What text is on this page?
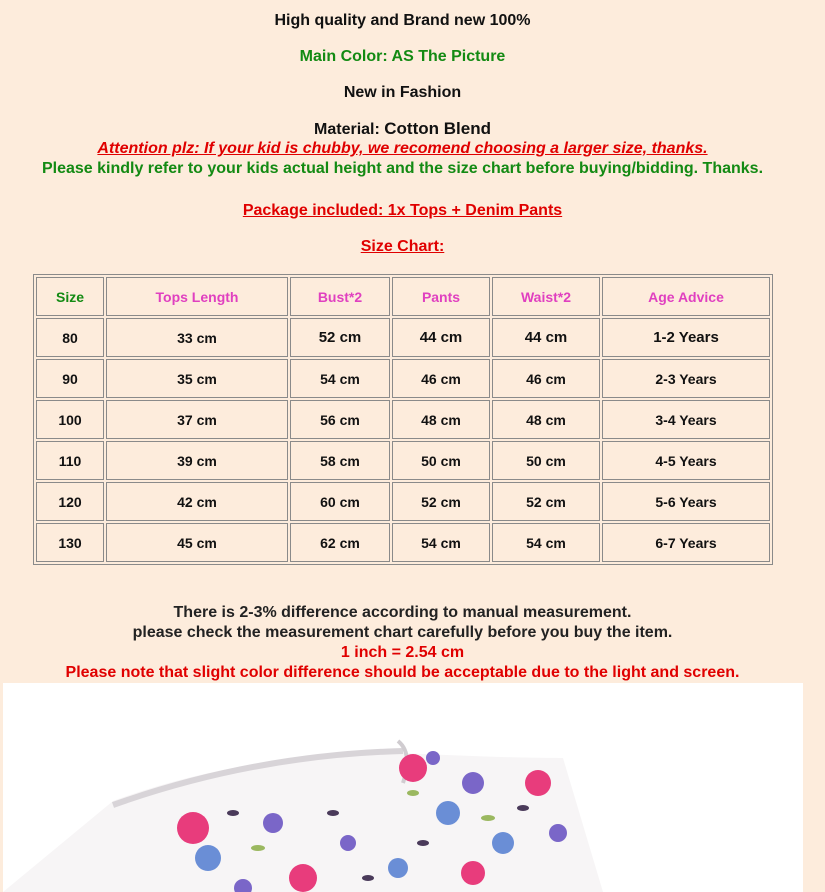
High quality and Brand new 100%
Main Color: AS The Picture
New in Fashion
Material: Cotton Blend
Attention plz: If your kid is chubby, we recomend choosing a larger size, thanks.
Please kindly refer to your kids actual height and the size chart before buying/bidding. Thanks.
Package included: 1x Tops + Denim Pants
Size Chart:
Size	Tops Length	Bust*2	Pants	Waist*2	Age Advice
80	33 cm	52 cm	44 cm	44 cm	1-2 Years
90	35 cm	54 cm	46 cm	46 cm	2-3 Years
100	37 cm	56 cm	48 cm	48 cm	3-4 Years
110	39 cm	58 cm	50 cm	50 cm	4-5 Years
120	42 cm	60 cm	52 cm	52 cm	5-6 Years
130	45 cm	62 cm	54 cm	54 cm	6-7 Years
There is 2-3% difference according to manual measurement.
please check the measurement chart carefully before you buy the item.
1 inch = 2.54 cm
Please note that slight color difference should be acceptable due to the light and screen.
